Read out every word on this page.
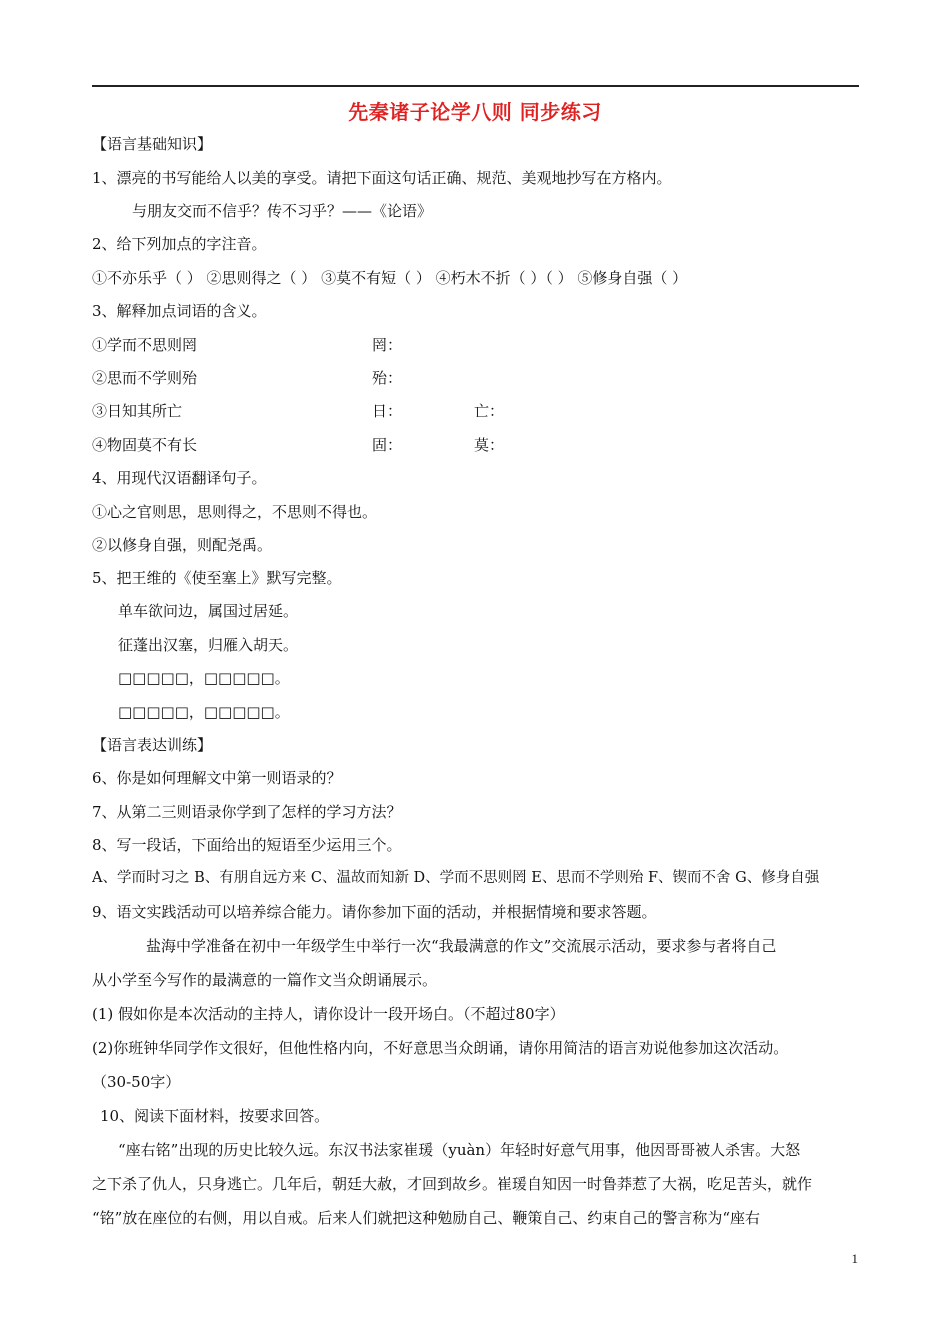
先秦诸子论学八则 同步练习
【语言基础知识】
1、漂亮的书写能给人以美的享受。请把下面这句话正确、规范、美观地抄写在方格内。
与朋友交而不信乎？传不习乎？——《论语》
2、给下列加点的字注音。
①不亦乐乎（ ） ②思则得之（ ） ③莫不有短（ ） ④朽木不折（ ）（ ） ⑤修身自强（ ）
3、解释加点词语的含义。
①学而不思则罔	罔：
②思而不学则殆	殆：
③日知其所亡	日：	亡：
④物固莫不有长	固：	莫：
4、用现代汉语翻译句子。
①心之官则思，思则得之，不思则不得也。
②以修身自强，则配尧禹。
5、把王维的《使至塞上》默写完整。
单车欲问边，属国过居延。
征蓬出汉塞，归雁入胡天。
□□□□□，□□□□□。
□□□□□，□□□□□。
【语言表达训练】
6、你是如何理解文中第一则语录的？
7、从第二三则语录你学到了怎样的学习方法？
8、写一段话，下面给出的短语至少运用三个。
A、学而时习之 B、有朋自远方来 C、温故而知新 D、学而不思则罔 E、思而不学则殆 F、锲而不舍 G、修身自强
9、语文实践活动可以培养综合能力。请你参加下面的活动，并根据情境和要求答题。
盐海中学准备在初中一年级学生中举行一次“我最满意的作文”交流展示活动，要求参与者将自己
从小学至今写作的最满意的一篇作文当众朗诵展示。
(1) 假如你是本次活动的主持人，请你设计一段开场白。（不超过80字）
(2)你班钟华同学作文很好，但他性格内向，不好意思当众朗诵，请你用简洁的语言劝说他参加这次活动。
（30-50字）
10、阅读下面材料，按要求回答。
“座右铭”出现的历史比较久远。东汉书法家崔瑗（yuàn）年轻时好意气用事，他因哥哥被人杀害。大怒
之下杀了仇人，只身逃亡。几年后，朝廷大赦，才回到故乡。崔瑗自知因一时鲁莽惹了大祸，吃足苦头，就作
“铭”放在座位的右侧，用以自戒。后来人们就把这种勉励自己、鞭策自己、约束自己的警言称为“座右
1
